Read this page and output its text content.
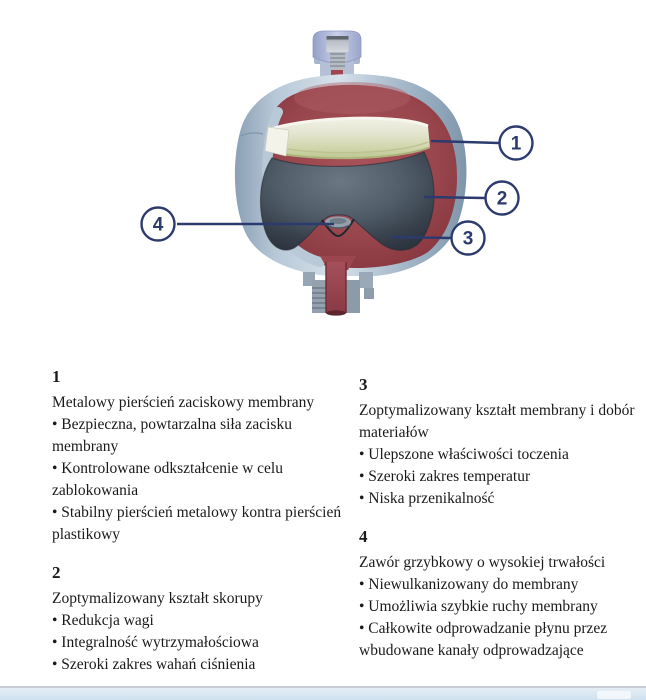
1
2
3
4

1

Metalowy pierścień zaciskowy membrany

• Bezpieczna, powtarzalna siła zacisku membrany

• Kontrolowane odkształcenie w celu zablokowania

• Stabilny pierścień metalowy kontra pierścień plastikowy

2

Zoptymalizowany kształt skorupy

• Redukcja wagi

• Integralność wytrzymałościowa

• Szeroki zakres wahań ciśnienia

3

Zoptymalizowany kształt membrany i dobór materiałów

• Ulepszone właściwości toczenia

• Szeroki zakres temperatur

• Niska przenikalność

4

Zawór grzybkowy o wysokiej trwałości

• Niewulkanizowany do membrany

• Umożliwia szybkie ruchy membrany

• Całkowite odprowadzanie płynu przez wbudowane kanały odprowadzające
